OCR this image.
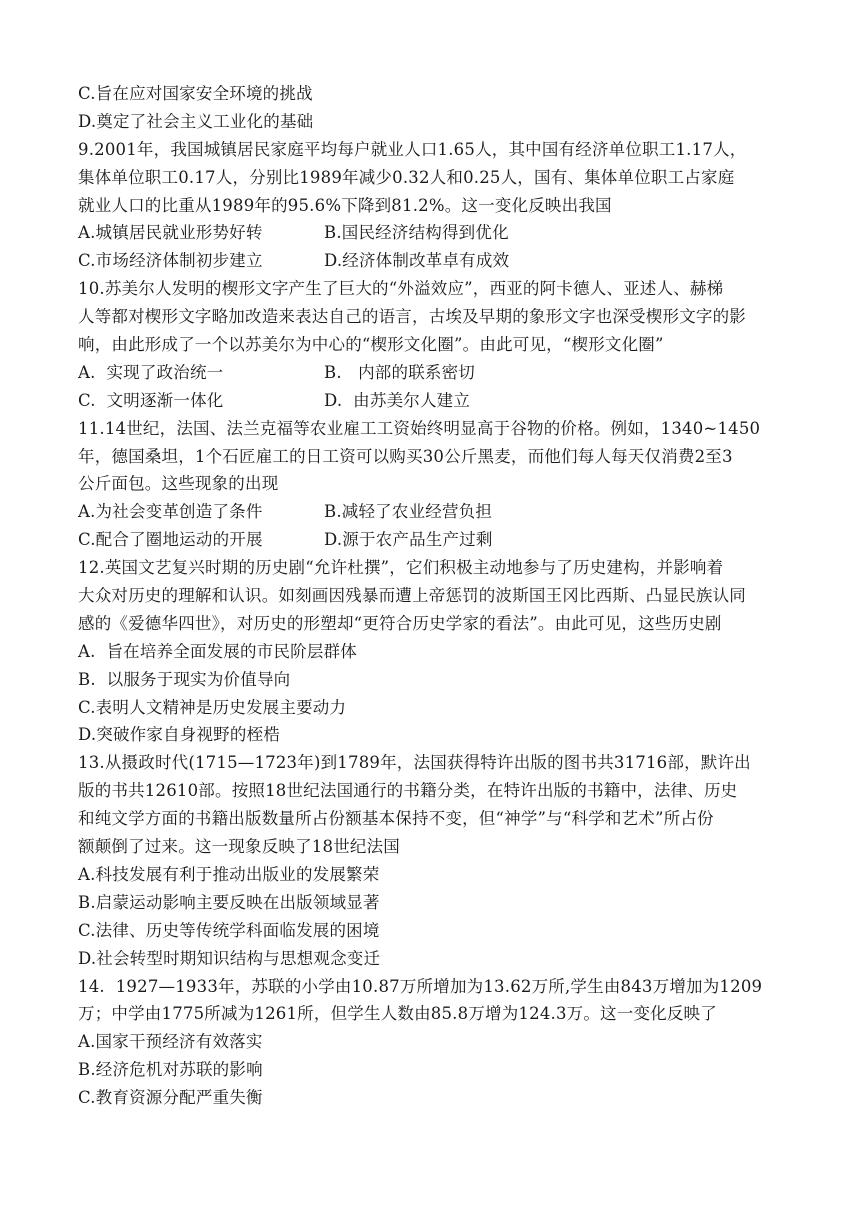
C.旨在应对国家安全环境的挑战
D.奠定了社会主义工业化的基础
9.2001年，我国城镇居民家庭平均每户就业人口1.65人，其中国有经济单位职工1.17人，
集体单位职工0.17人，分别比1989年减少0.32人和0.25人，国有、集体单位职工占家庭
就业人口的比重从1989年的95.6%下降到81.2%。这一变化反映出我国
A.城镇居民就业形势好转	B.国民经济结构得到优化
C.市场经济体制初步建立	D.经济体制改革卓有成效
10.苏美尔人发明的楔形文字产生了巨大的“外溢效应”，西亚的阿卡德人、亚述人、赫梯
人等都对楔形文字略加改造来表达自己的语言，古埃及早期的象形文字也深受楔形文字的影
响，由此形成了一个以苏美尔为中心的“楔形文化圈”。由此可见，“楔形文化圈”
A.  实现了政治统一	B.   内部的联系密切
C.  文明逐渐一体化	D.  由苏美尔人建立
11.14世纪，法国、法兰克福等农业雇工工资始终明显高于谷物的价格。例如，1340~1450
年，德国桑坦，1个石匠雇工的日工资可以购买30公斤黑麦，而他们每人每天仅消费2至3
公斤面包。这些现象的出现
A.为社会变革创造了条件	B.减轻了农业经营负担
C.配合了圈地运动的开展	D.源于农产品生产过剩
12.英国文艺复兴时期的历史剧“允许杜撰”，它们积极主动地参与了历史建构，并影响着
大众对历史的理解和认识。如刻画因残暴而遭上帝惩罚的波斯国王冈比西斯、凸显民族认同
感的《爱德华四世》，对历史的形塑却“更符合历史学家的看法”。由此可见，这些历史剧
A.  旨在培养全面发展的市民阶层群体
B.  以服务于现实为价值导向
C.表明人文精神是历史发展主要动力
D.突破作家自身视野的桎梏
13.从摄政时代(1715—1723年)到1789年，法国获得特许出版的图书共31716部，默许出
版的书共12610部。按照18世纪法国通行的书籍分类，在特许出版的书籍中，法律、历史
和纯文学方面的书籍出版数量所占份额基本保持不变，但“神学”与“科学和艺术”所占份
额颠倒了过来。这一现象反映了18世纪法国
A.科技发展有利于推动出版业的发展繁荣
B.启蒙运动影响主要反映在出版领域显著
C.法律、历史等传统学科面临发展的困境
D.社会转型时期知识结构与思想观念变迁
14.  1927—1933年，苏联的小学由10.87万所增加为13.62万所,学生由843万增加为1209
万；中学由1775所减为1261所，但学生人数由85.8万增为124.3万。这一变化反映了
A.国家干预经济有效落实
B.经济危机对苏联的影响
C.教育资源分配严重失衡
